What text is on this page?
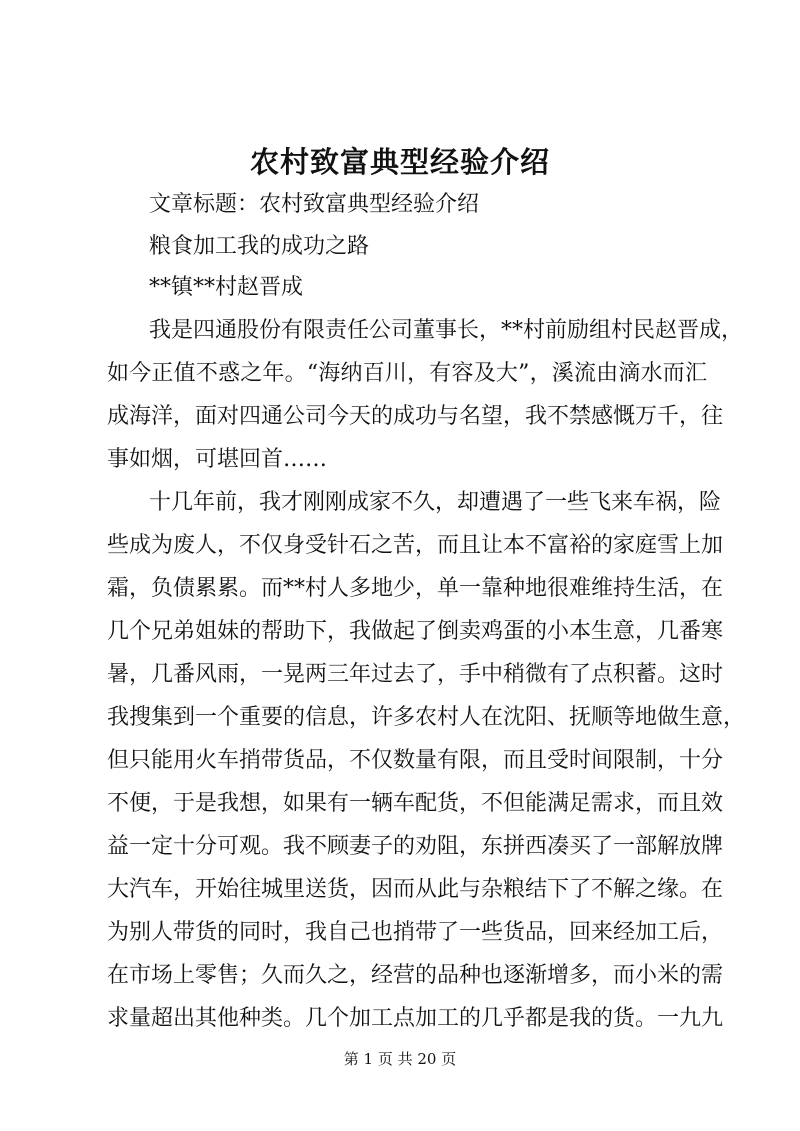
农村致富典型经验介绍
文章标题：农村致富典型经验介绍
粮食加工我的成功之路
**镇**村赵晋成
我是四通股份有限责任公司董事长，**村前励组村民赵晋成，
如今正值不惑之年。“海纳百川，有容及大”，溪流由滴水而汇
成海洋，面对四通公司今天的成功与名望，我不禁感慨万千，往
事如烟，可堪回首……
十几年前，我才刚刚成家不久，却遭遇了一些飞来车祸，险
些成为废人，不仅身受针石之苦，而且让本不富裕的家庭雪上加
霜，负债累累。而**村人多地少，单一靠种地很难维持生活，在
几个兄弟姐妹的帮助下，我做起了倒卖鸡蛋的小本生意，几番寒
暑，几番风雨，一晃两三年过去了，手中稍微有了点积蓄。这时
我搜集到一个重要的信息，许多农村人在沈阳、抚顺等地做生意，
但只能用火车捎带货品，不仅数量有限，而且受时间限制，十分
不便，于是我想，如果有一辆车配货，不但能满足需求，而且效
益一定十分可观。我不顾妻子的劝阻，东拼西凑买了一部解放牌
大汽车，开始往城里送货，因而从此与杂粮结下了不解之缘。在
为别人带货的同时，我自己也捎带了一些货品，回来经加工后，
在市场上零售；久而久之，经营的品种也逐渐增多，而小米的需
求量超出其他种类。几个加工点加工的几乎都是我的货。一九九
第 1 页 共 20 页
